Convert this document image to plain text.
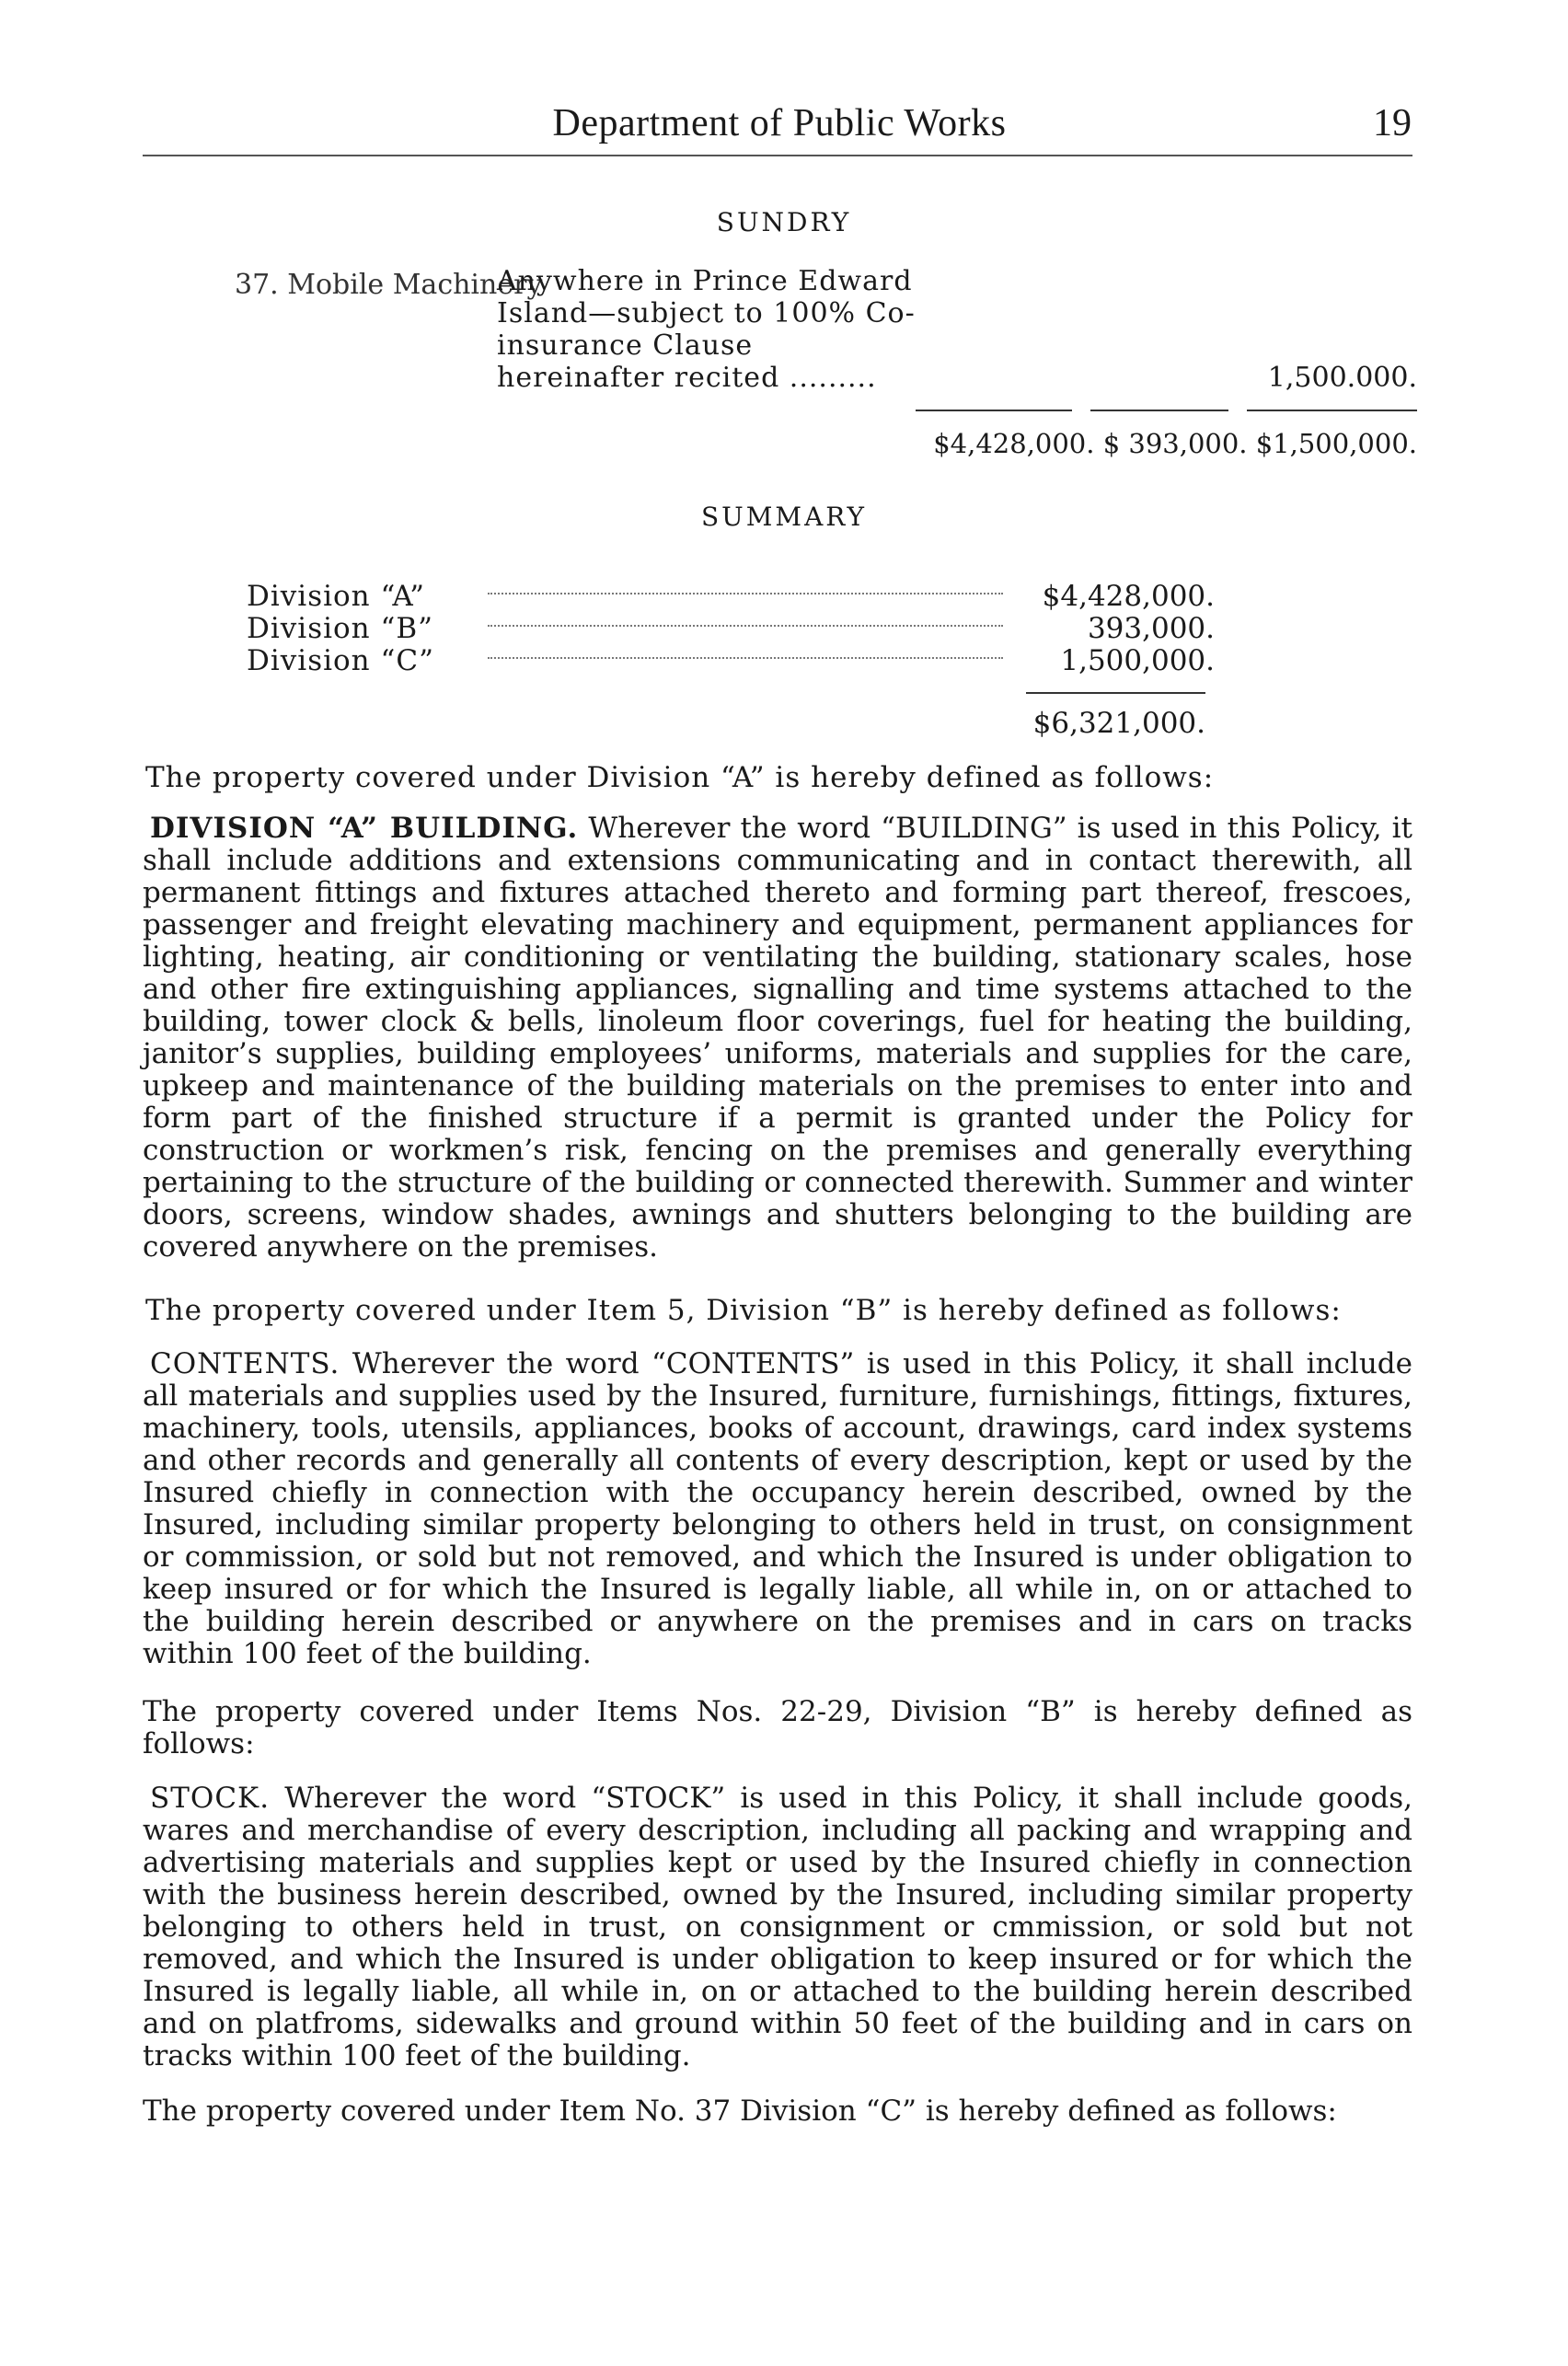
Department of Public Works	19
SUNDRY
37. Mobile Machinery
Anywhere in Prince Edward Island—subject to 100% Co-insurance Clause hereinafter recited .........	1,500.000.
$4,428,000. $ 393,000. $1,500,000.
SUMMARY
Division “A”	$4,428,000.
Division “B”	393,000.
Division “C”	1,500,000.
$6,321,000.
The property covered under Division “A” is hereby defined as follows:
DIVISION “A” BUILDING. Wherever the word “BUILDING” is used in this Policy, it shall include additions and extensions communicating and in contact therewith, all permanent fittings and fixtures attached thereto and forming part thereof, frescoes, passenger and freight elevating machinery and equipment, permanent appliances for lighting, heating, air conditioning or ventilating the building, stationary scales, hose and other fire extinguishing appliances, signalling and time systems attached to the building, tower clock & bells, linoleum floor coverings, fuel for heating the building, janitor’s supplies, building employees’ uniforms, materials and supplies for the care, upkeep and maintenance of the building materials on the premises to enter into and form part of the finished structure if a permit is granted under the Policy for construction or workmen’s risk, fencing on the premises and generally everything pertaining to the structure of the building or connected therewith. Summer and winter doors, screens, window shades, awnings and shutters belonging to the building are covered anywhere on the premises.
The property covered under Item 5, Division “B” is hereby defined as follows:
CONTENTS. Wherever the word “CONTENTS” is used in this Policy, it shall include all materials and supplies used by the Insured, furniture, furnishings, fittings, fixtures, machinery, tools, utensils, appliances, books of account, drawings, card index systems and other records and generally all contents of every description, kept or used by the Insured chiefly in connection with the occupancy herein described, owned by the Insured, including similar property belonging to others held in trust, on consignment or commission, or sold but not removed, and which the Insured is under obligation to keep insured or for which the Insured is legally liable, all while in, on or attached to the building herein described or anywhere on the premises and in cars on tracks within 100 feet of the building.
The property covered under Items Nos. 22-29, Division “B” is hereby defined as follows:
STOCK. Wherever the word “STOCK” is used in this Policy, it shall include goods, wares and merchandise of every description, including all packing and wrapping and advertising materials and supplies kept or used by the Insured chiefly in connection with the business herein described, owned by the Insured, including similar property belonging to others held in trust, on consignment or cmmission, or sold but not removed, and which the Insured is under obligation to keep insured or for which the Insured is legally liable, all while in, on or attached to the building herein described and on platfroms, sidewalks and ground within 50 feet of the building and in cars on tracks within 100 feet of the building.
The property covered under Item No. 37 Division “C” is hereby defined as follows:
